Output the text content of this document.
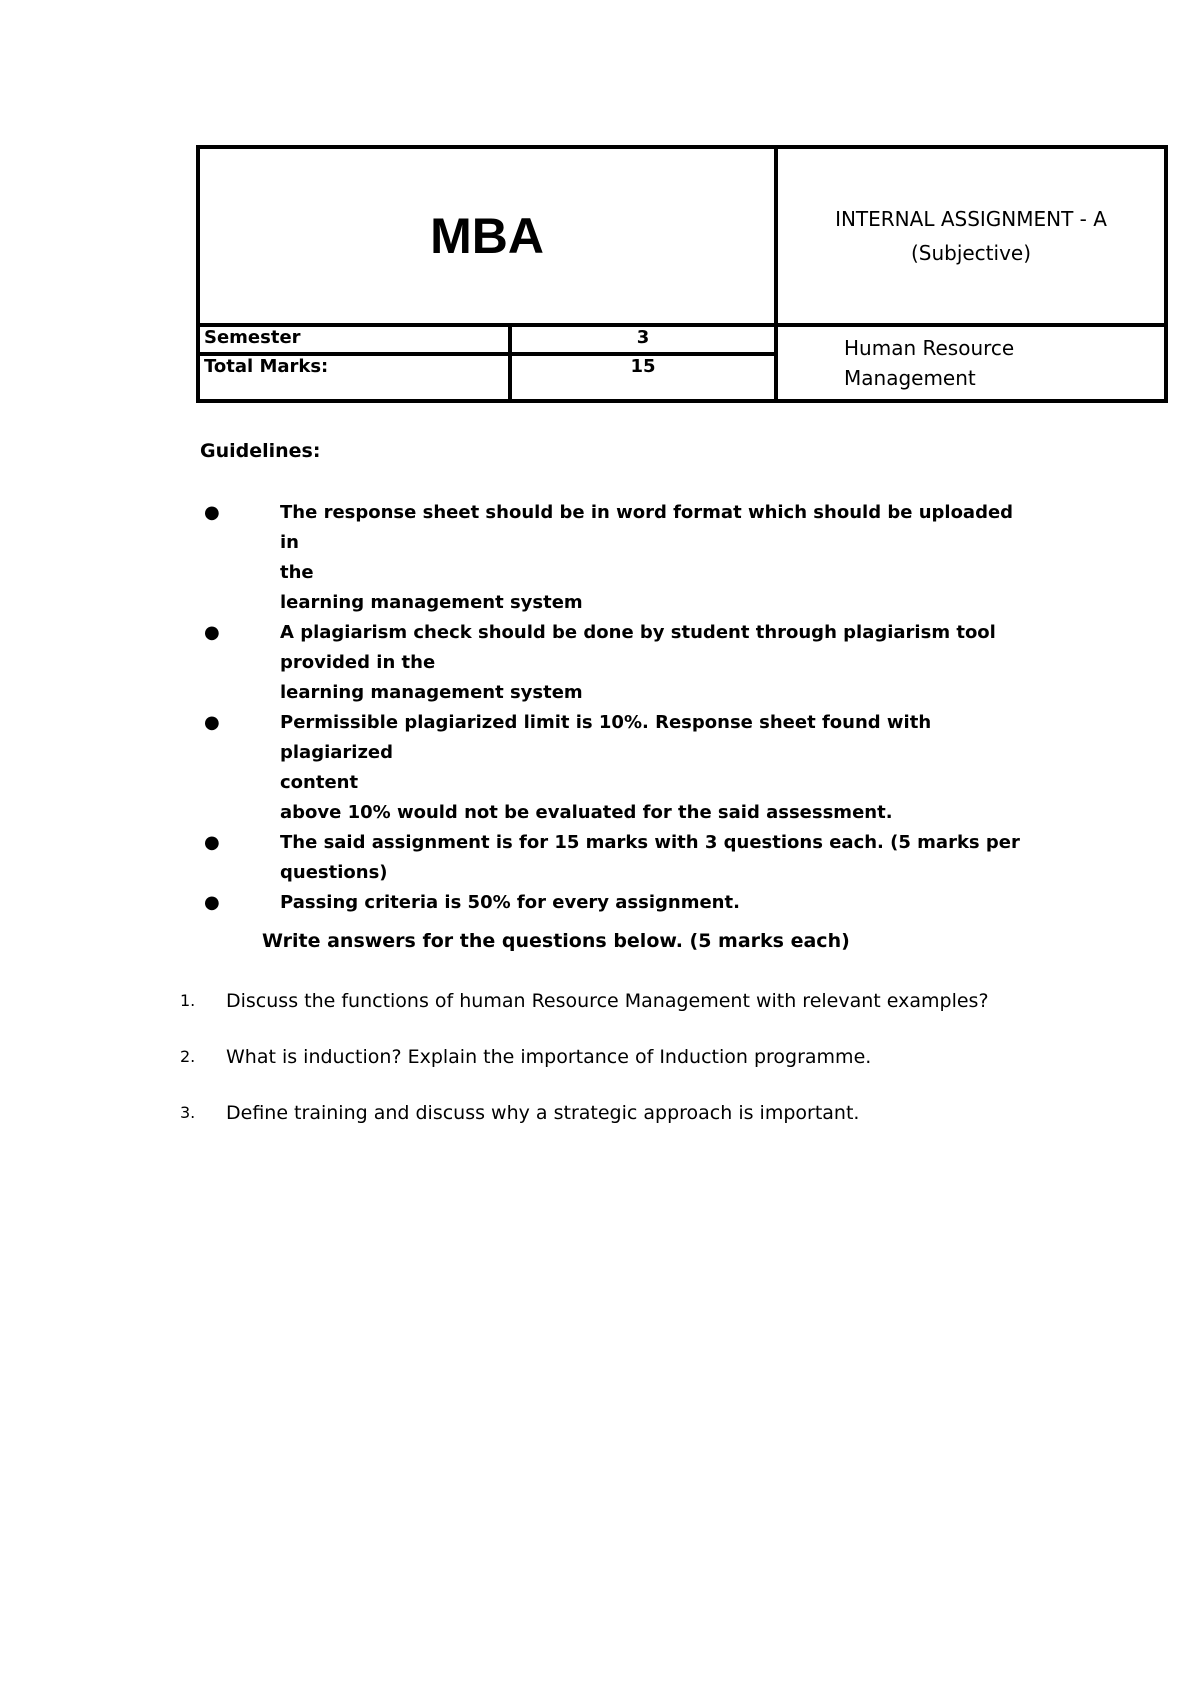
MBA		INTERNAL ASSIGNMENT - A
(Subjective)

Semester	3	Human Resource
Management

Total Marks:	15	
Guidelines:
●	The response sheet should be in word format which should be uploaded in
the
learning management system
●	A plagiarism check should be done by student through plagiarism tool
provided in the
learning management system
●	Permissible plagiarized limit is 10%. Response sheet found with plagiarized
content
above 10% would not be evaluated for the said assessment.
●	The said assignment is for 15 marks with 3 questions each. (5 marks per
questions)
●	Passing criteria is 50% for every assignment.
Write answers for the questions below. (5 marks each)
1. Discuss the functions of human Resource Management with relevant examples?
2. What is induction? Explain the importance of Induction programme.
3. Define training and discuss why a strategic approach is important.
